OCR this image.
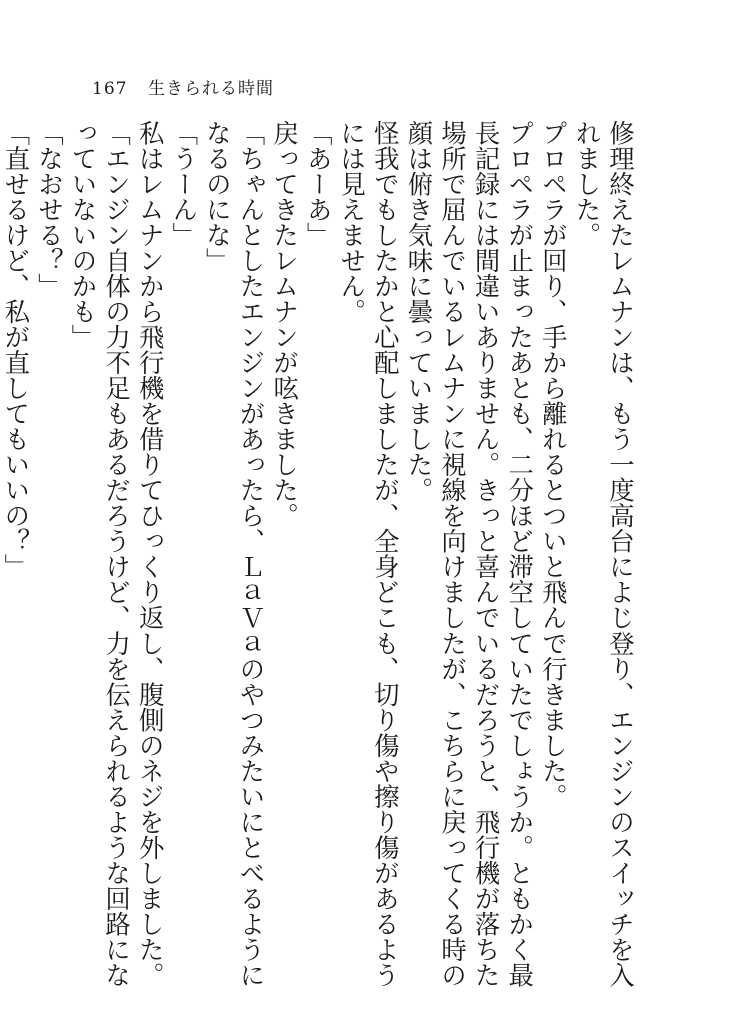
167 生きられる時間

修理終えたレムナンは、もう一度高台によじ登り、エンジンのスイッチを入れました。

プロペラが回り、手から離れるとついと飛んで行きました。

プロペラが止まったあとも、二分ほど滞空していたでしょうか。ともかく最長記録には間違いありません。きっと喜んでいるだろうと、飛行機が落ちた場所で屈んでいるレムナンに視線を向けましたが、こちらに戻ってくる時の顔は俯き気味に曇っていました。

怪我でもしたかと心配しましたが、全身どこも、切り傷や擦り傷があるようには見えません。

「あーあ」

戻ってきたレムナンが呟きました。

「ちゃんとしたエンジンがあったら、ＬａＶａのやつみたいにとべるようになるのにな」

「うーん」

私はレムナンから飛行機を借りてひっくり返し、腹側のネジを外しました。

「エンジン自体の力不足もあるだろうけど、力を伝えられるような回路になっていないのかも」

「なおせる？」

「直せるけど、私が直してもいいの？」
